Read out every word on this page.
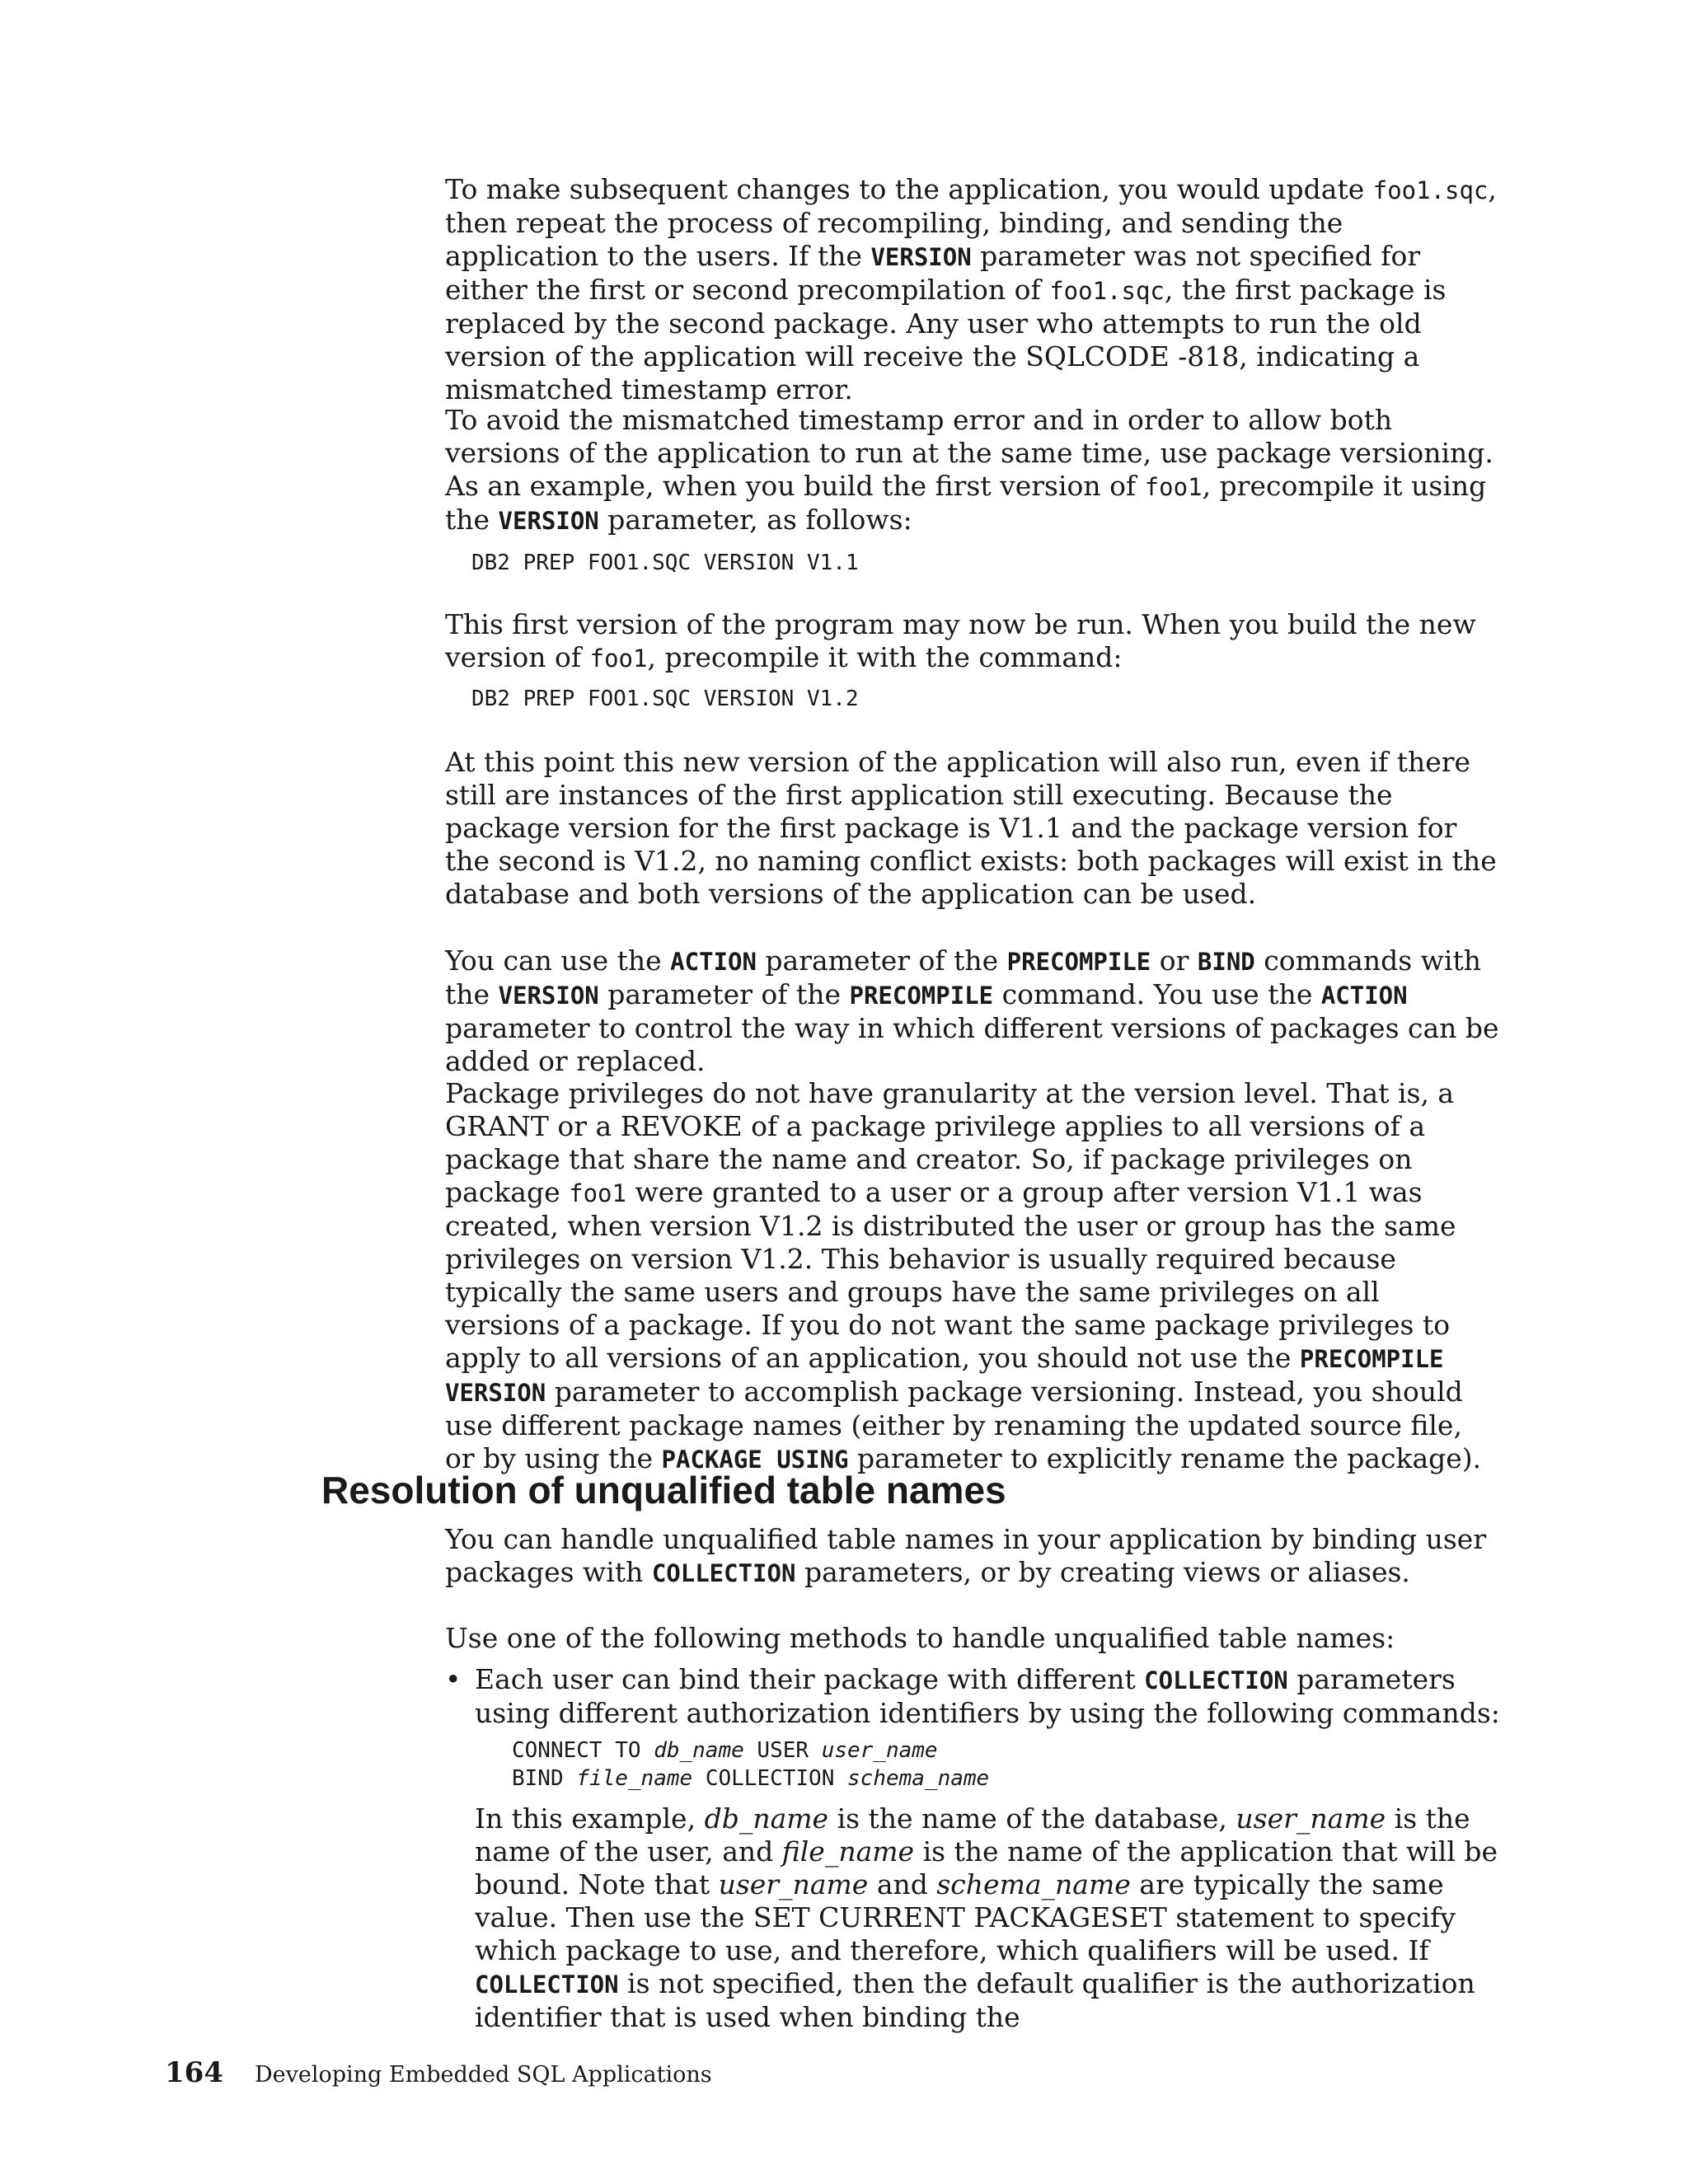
To make subsequent changes to the application, you would update foo1.sqc, then repeat the process of recompiling, binding, and sending the application to the users. If the VERSION parameter was not specified for either the first or second precompilation of foo1.sqc, the first package is replaced by the second package. Any user who attempts to run the old version of the application will receive the SQLCODE -818, indicating a mismatched timestamp error.

To avoid the mismatched timestamp error and in order to allow both versions of the application to run at the same time, use package versioning. As an example, when you build the first version of foo1, precompile it using the VERSION parameter, as follows:

DB2 PREP FOO1.SQC VERSION V1.1

This first version of the program may now be run. When you build the new version of foo1, precompile it with the command:

DB2 PREP FOO1.SQC VERSION V1.2

At this point this new version of the application will also run, even if there still are instances of the first application still executing. Because the package version for the first package is V1.1 and the package version for the second is V1.2, no naming conflict exists: both packages will exist in the database and both versions of the application can be used.

You can use the ACTION parameter of the PRECOMPILE or BIND commands with the VERSION parameter of the PRECOMPILE command. You use the ACTION parameter to control the way in which different versions of packages can be added or replaced.

Package privileges do not have granularity at the version level. That is, a GRANT or a REVOKE of a package privilege applies to all versions of a package that share the name and creator. So, if package privileges on package foo1 were granted to a user or a group after version V1.1 was created, when version V1.2 is distributed the user or group has the same privileges on version V1.2. This behavior is usually required because typically the same users and groups have the same privileges on all versions of a package. If you do not want the same package privileges to apply to all versions of an application, you should not use the PRECOMPILE VERSION parameter to accomplish package versioning. Instead, you should use different package names (either by renaming the updated source file, or by using the PACKAGE USING parameter to explicitly rename the package).

Resolution of unqualified table names

You can handle unqualified table names in your application by binding user packages with COLLECTION parameters, or by creating views or aliases.

Use one of the following methods to handle unqualified table names:

• Each user can bind their package with different COLLECTION parameters using different authorization identifiers by using the following commands:

CONNECT TO db_name USER user_name

BIND file_name COLLECTION schema_name

In this example, db_name is the name of the database, user_name is the name of the user, and file_name is the name of the application that will be bound. Note that user_name and schema_name are typically the same value. Then use the SET CURRENT PACKAGESET statement to specify which package to use, and therefore, which qualifiers will be used. If COLLECTION is not specified, then the default qualifier is the authorization identifier that is used when binding the

164 Developing Embedded SQL Applications
